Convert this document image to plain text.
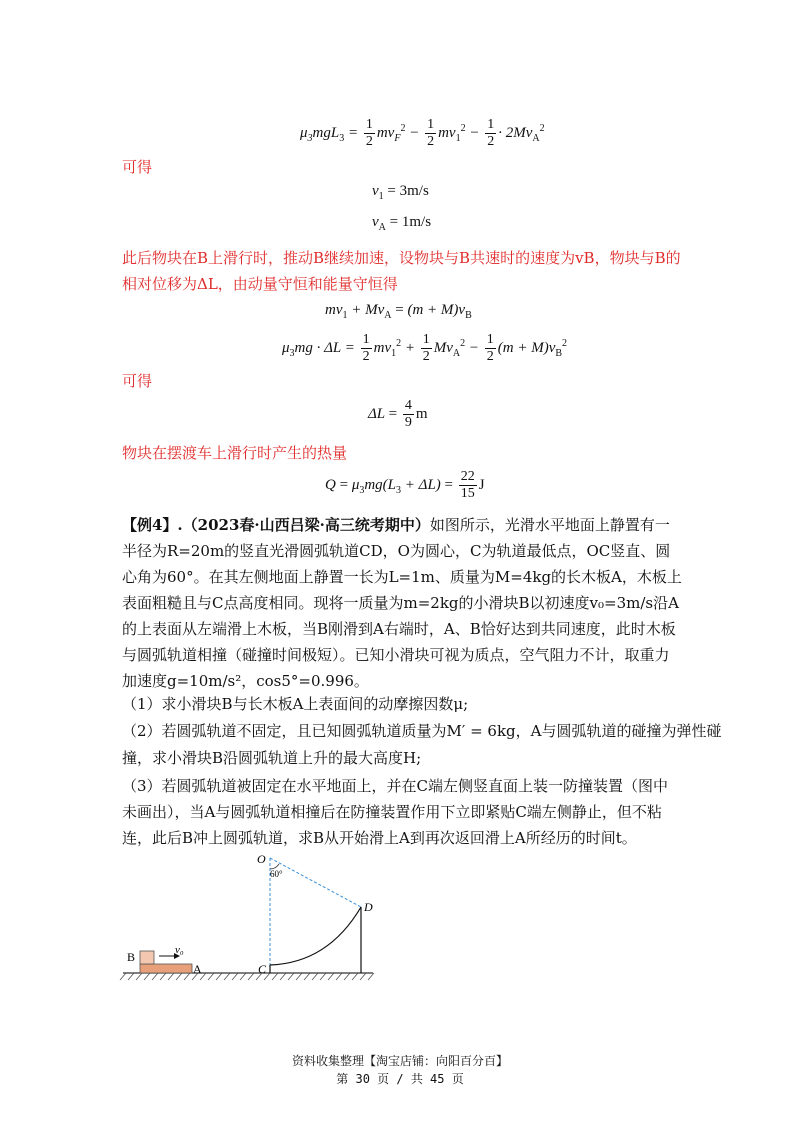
$\mu_3mgL_3 = \frac{1}{2} mv_F^2 - \frac{1}{2} mv_1^2 - \frac{1}{2} \cdot 2Mv_A^2$
可得
$v_1 = 3m/s$
$v_A = 1m/s$
此后物块在B上滑行时，推动B继续加速，设物块与B共速时的速度为vB，物块与B的相对位移为ΔL，由动量守恒和能量守恒得
$mv_1 + Mv_A = (m + M)v_B$
$\mu_3mg \cdot \Delta L = \frac{1}{2} mv_1^2 + \frac{1}{2} Mv_A^2 - \frac{1}{2} (m + M)v_B^2$
可得
$\Delta L = \frac{4}{9}$ m
物块在摆渡车上滑行时产生的热量
$Q = \mu_3mg(L_3 + \Delta L) = \frac{22}{15}$ J
【例4】.（2023春·山西吕梁·高三统考期中）如图所示，光滑水平地面上静置有一半径为R=20m的竖直光滑圆弧轨道CD，O为圆心，C为轨道最低点，OC竖直、圆心角为60°。在其左侧地面上静置一长为L=1m、质量为M=4kg的长木板A，木板上表面粗糙且与C点高度相同。现将一质量为m=2kg的小滑块B以初速度v₀=3m/s沿A的上表面从左端滑上木板，当B刚滑到A右端时，A、B恰好达到共同速度，此时木板与圆弧轨道相撞（碰撞时间极短）。已知小滑块可视为质点，空气阻力不计，取重力加速度g=10m/s²，cos5°=0.996。
（1）求小滑块B与长木板A上表面间的动摩擦因数μ;
（2）若圆弧轨道不固定，且已知圆弧轨道质量为M′ = 6kg，A与圆弧轨道的碰撞为弹性碰
撞，求小滑块B沿圆弧轨道上升的最大高度H;
（3）若圆弧轨道被固定在水平地面上，并在C端左侧竖直面上装一防撞装置（图中未画出），当A与圆弧轨道相撞后在防撞装置作用下立即紧贴C端左侧静止，但不粘连，此后B冲上圆弧轨道，求B从开始滑上A到再次返回滑上A所经历的时间t。
v₀
B
A
60°
O
D
C
资料收集整理【淘宝店铺：向阳百分百】
第 30 页 / 共 45 页
